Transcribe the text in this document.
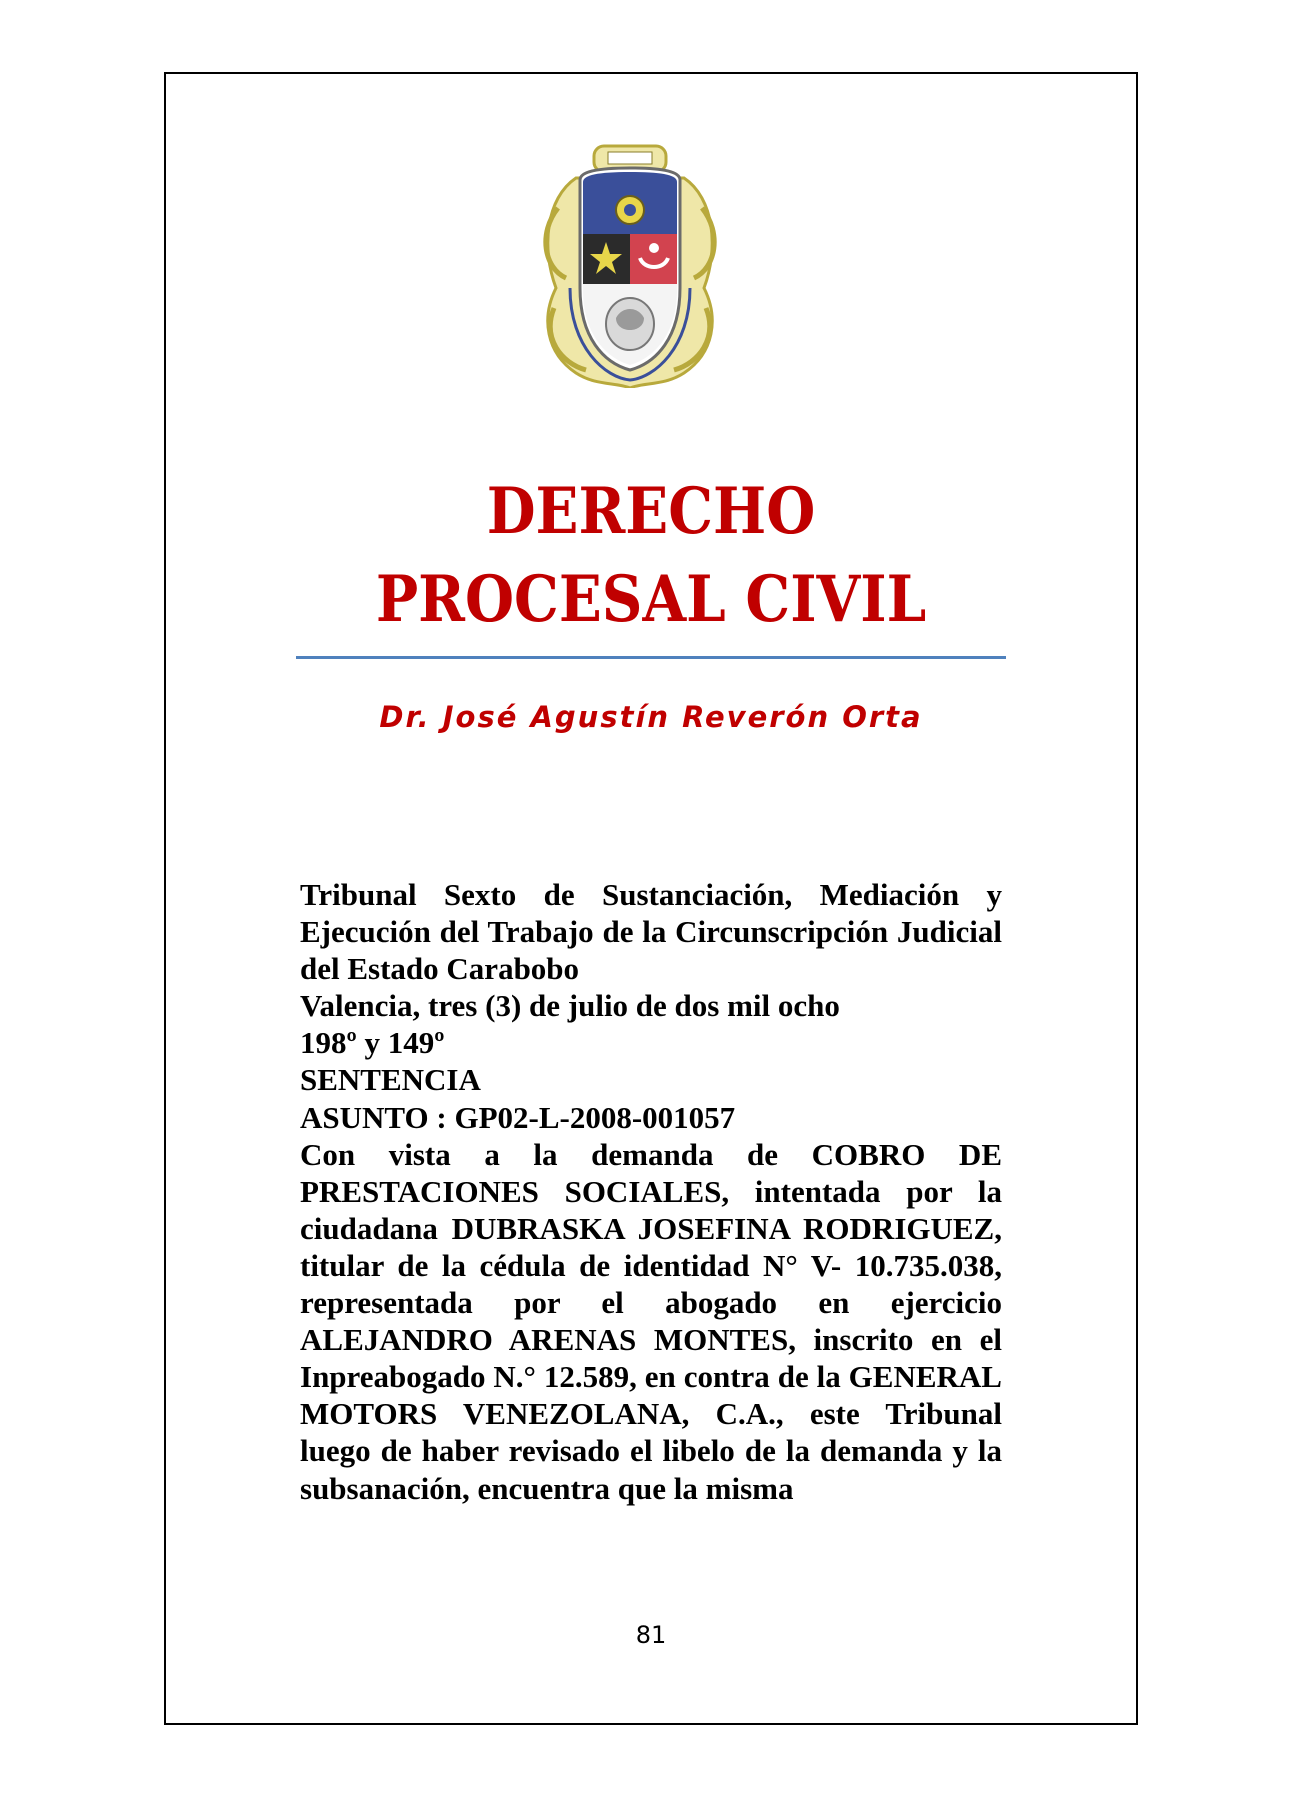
DERECHO
PROCESAL CIVIL

Dr. José Agustín Reverón Orta

Tribunal Sexto de Sustanciación, Mediación y Ejecución del Trabajo de la Circunscripción Judicial del Estado Carabobo
Valencia, tres (3) de julio de dos mil ocho
198º y 149º
SENTENCIA
ASUNTO : GP02-L-2008-001057
Con vista a la demanda de COBRO DE PRESTACIONES SOCIALES, intentada por la ciudadana DUBRASKA JOSEFINA RODRIGUEZ, titular de la cédula de identidad N° V- 10.735.038, representada por el abogado en ejercicio ALEJANDRO ARENAS MONTES, inscrito en el Inpreabogado N.° 12.589, en contra de la GENERAL MOTORS VENEZOLANA, C.A., este Tribunal luego de haber revisado el libelo de la demanda y la subsanación, encuentra que la misma

81
